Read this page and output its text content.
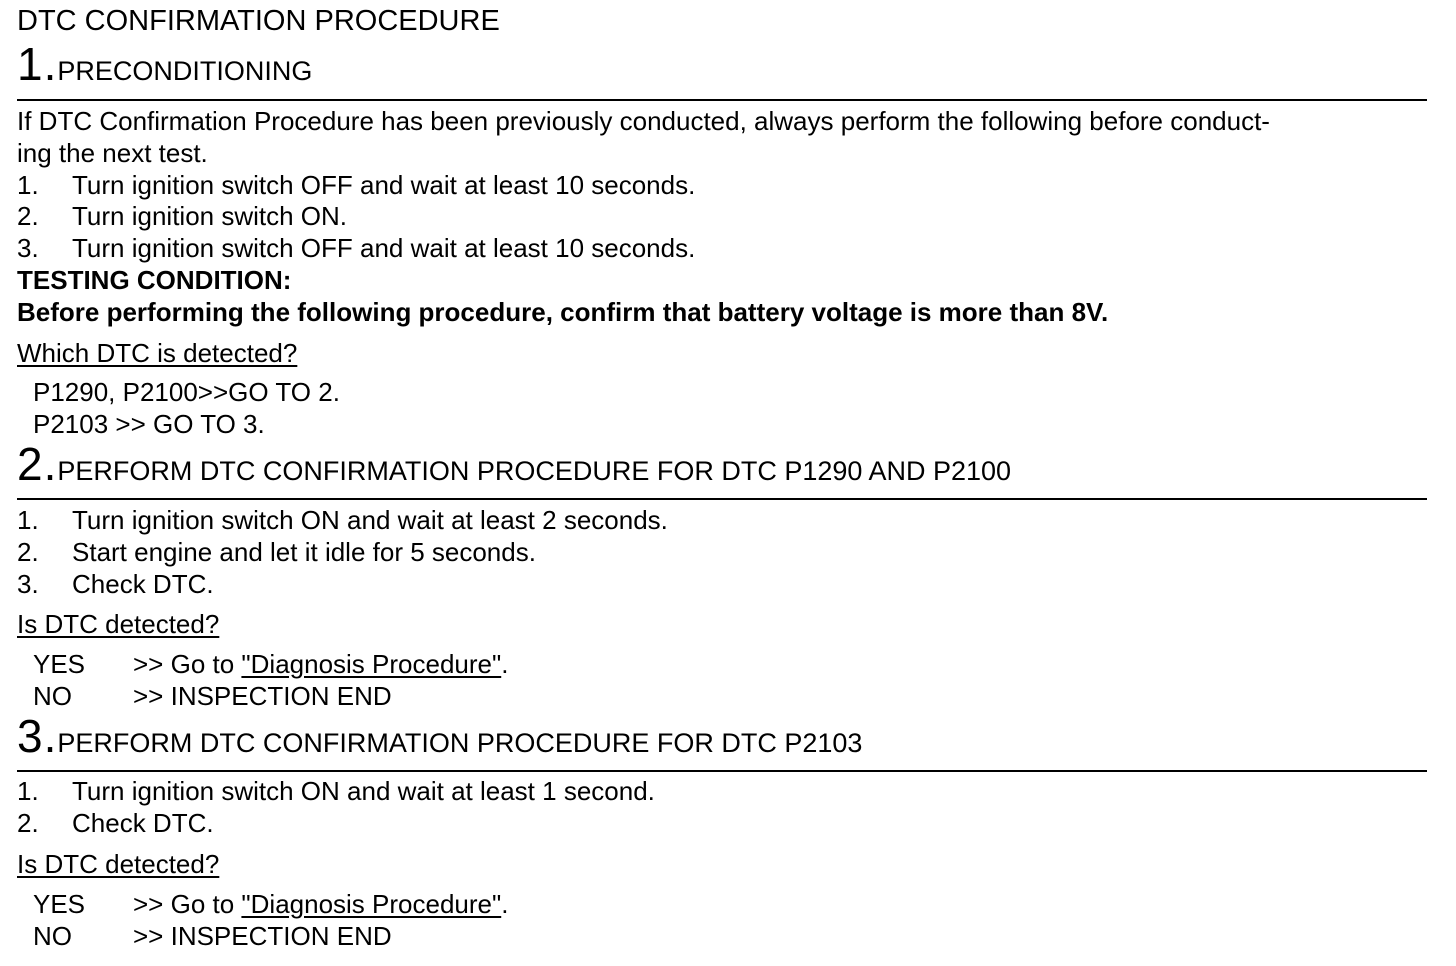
DTC CONFIRMATION PROCEDURE
1.PRECONDITIONING
If DTC Confirmation Procedure has been previously conducted, always perform the following before conduct-
ing the next test.
1. Turn ignition switch OFF and wait at least 10 seconds.
2. Turn ignition switch ON.
3. Turn ignition switch OFF and wait at least 10 seconds.
TESTING CONDITION:
Before performing the following procedure, confirm that battery voltage is more than 8V.
Which DTC is detected?
P1290, P2100>>GO TO 2.
P2103 >> GO TO 3.
2.PERFORM DTC CONFIRMATION PROCEDURE FOR DTC P1290 AND P2100
1. Turn ignition switch ON and wait at least 2 seconds.
2. Start engine and let it idle for 5 seconds.
3. Check DTC.
Is DTC detected?
YES >> Go to "Diagnosis Procedure".
NO >> INSPECTION END
3.PERFORM DTC CONFIRMATION PROCEDURE FOR DTC P2103
1. Turn ignition switch ON and wait at least 1 second.
2. Check DTC.
Is DTC detected?
YES >> Go to "Diagnosis Procedure".
NO >> INSPECTION END
